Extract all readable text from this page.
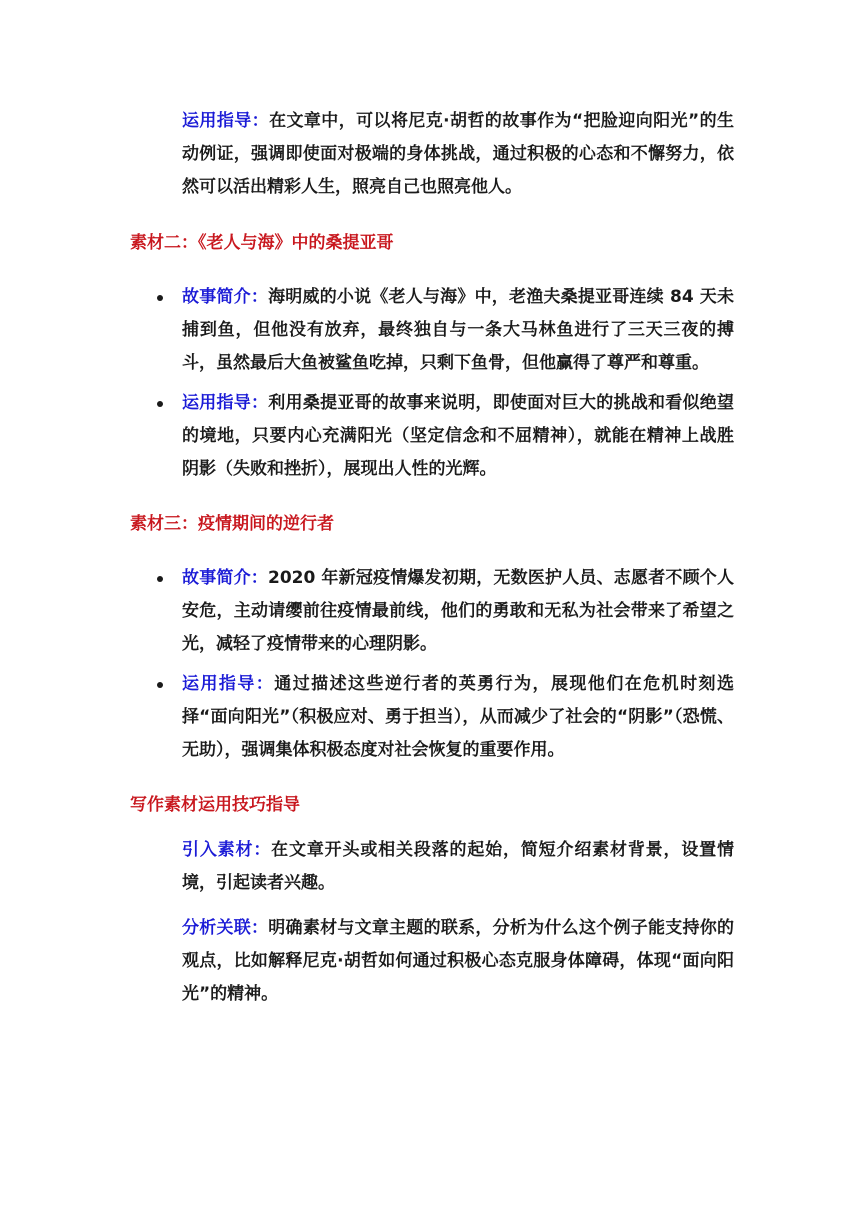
运用指导：在文章中，可以将尼克·胡哲的故事作为“把脸迎向阳光”的生动例证，强调即使面对极端的身体挑战，通过积极的心态和不懈努力，依然可以活出精彩人生，照亮自己也照亮他人。

素材二：《老人与海》中的桑提亚哥
故事简介：海明威的小说《老人与海》中，老渔夫桑提亚哥连续 84 天未捕到鱼，但他没有放弃，最终独自与一条大马林鱼进行了三天三夜的搏斗，虽然最后大鱼被鲨鱼吃掉，只剩下鱼骨，但他赢得了尊严和尊重。
运用指导：利用桑提亚哥的故事来说明，即使面对巨大的挑战和看似绝望的境地，只要内心充满阳光（坚定信念和不屈精神），就能在精神上战胜阴影（失败和挫折），展现出人性的光辉。
素材三：疫情期间的逆行者
故事简介：2020 年新冠疫情爆发初期，无数医护人员、志愿者不顾个人安危，主动请缨前往疫情最前线，他们的勇敢和无私为社会带来了希望之光，减轻了疫情带来的心理阴影。
运用指导：通过描述这些逆行者的英勇行为，展现他们在危机时刻选择“面向阳光”（积极应对、勇于担当），从而减少了社会的“阴影”（恐慌、无助），强调集体积极态度对社会恢复的重要作用。
写作素材运用技巧指导

引入素材：在文章开头或相关段落的起始，简短介绍素材背景，设置情境，引起读者兴趣。

分析关联：明确素材与文章主题的联系，分析为什么这个例子能支持你的观点，比如解释尼克·胡哲如何通过积极心态克服身体障碍，体现“面向阳光”的精神。
